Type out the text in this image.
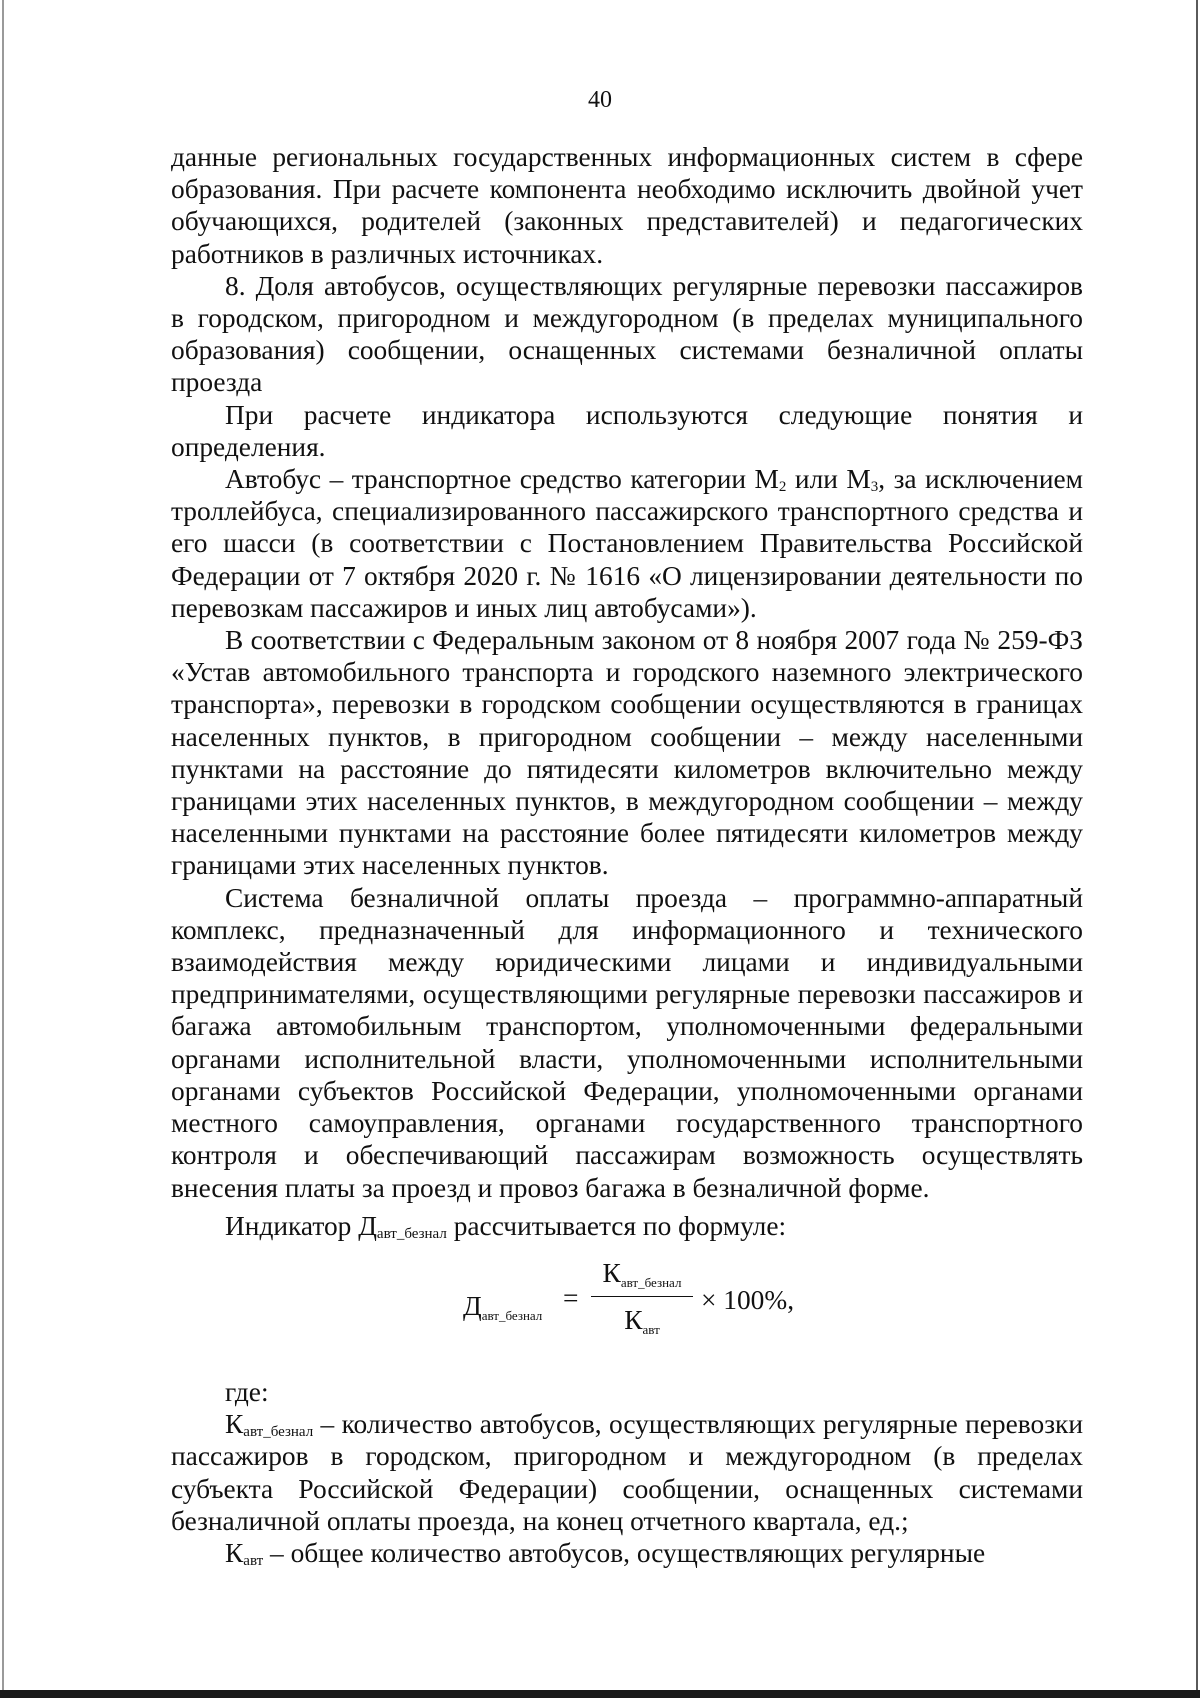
40

данные региональных государственных информационных систем в сфере образования. При расчете компонента необходимо исключить двойной учет обучающихся, родителей (законных представителей) и педагогических работников в различных источниках.

8. Доля автобусов, осуществляющих регулярные перевозки пассажиров в городском, пригородном и междугородном (в пределах муниципального образования) сообщении, оснащенных системами безналичной оплаты проезда

При расчете индикатора используются следующие понятия и определения.

Автобус – транспортное средство категории $M_2$ или $M_3$, за исключением троллейбуса, специализированного пассажирского транспортного средства и его шасси (в соответствии с Постановлением Правительства Российской Федерации от 7 октября 2020 г. № 1616 «О лицензировании деятельности по перевозкам пассажиров и иных лиц автобусами»).

В соответствии с Федеральным законом от 8 ноября 2007 года № 259-ФЗ «Устав автомобильного транспорта и городского наземного электрического транспорта», перевозки в городском сообщении осуществляются в границах населенных пунктов, в пригородном сообщении – между населенными пунктами на расстояние до пятидесяти километров включительно между границами этих населенных пунктов, в междугородном сообщении – между населенными пунктами на расстояние более пятидесяти километров между границами этих населенных пунктов.

Система безналичной оплаты проезда – программно-аппаратный комплекс, предназначенный для информационного и технического взаимодействия между юридическими лицами и индивидуальными предпринимателями, осуществляющими регулярные перевозки пассажиров и багажа автомобильным транспортом, уполномоченными федеральными органами исполнительной власти, уполномоченными исполнительными органами субъектов Российской Федерации, уполномоченными органами местного самоуправления, органами государственного транспортного контроля и обеспечивающий пассажирам возможность осуществлять внесения платы за проезд и провоз багажа в безналичной форме.

Индикатор $Д_{авт\_безнал}$ рассчитывается по формуле:

$Д_{авт\_безнал}$
=
$К_{авт\_безнал}$
$К_{авт}$
× 100%,

где:

$К_{авт\_безнал}$ – количество автобусов, осуществляющих регулярные перевозки пассажиров в городском, пригородном и междугородном (в пределах субъекта Российской Федерации) сообщении, оснащенных системами безналичной оплаты проезда, на конец отчетного квартала, ед.;

$К_{авт}$ – общее количество автобусов, осуществляющих регулярные
